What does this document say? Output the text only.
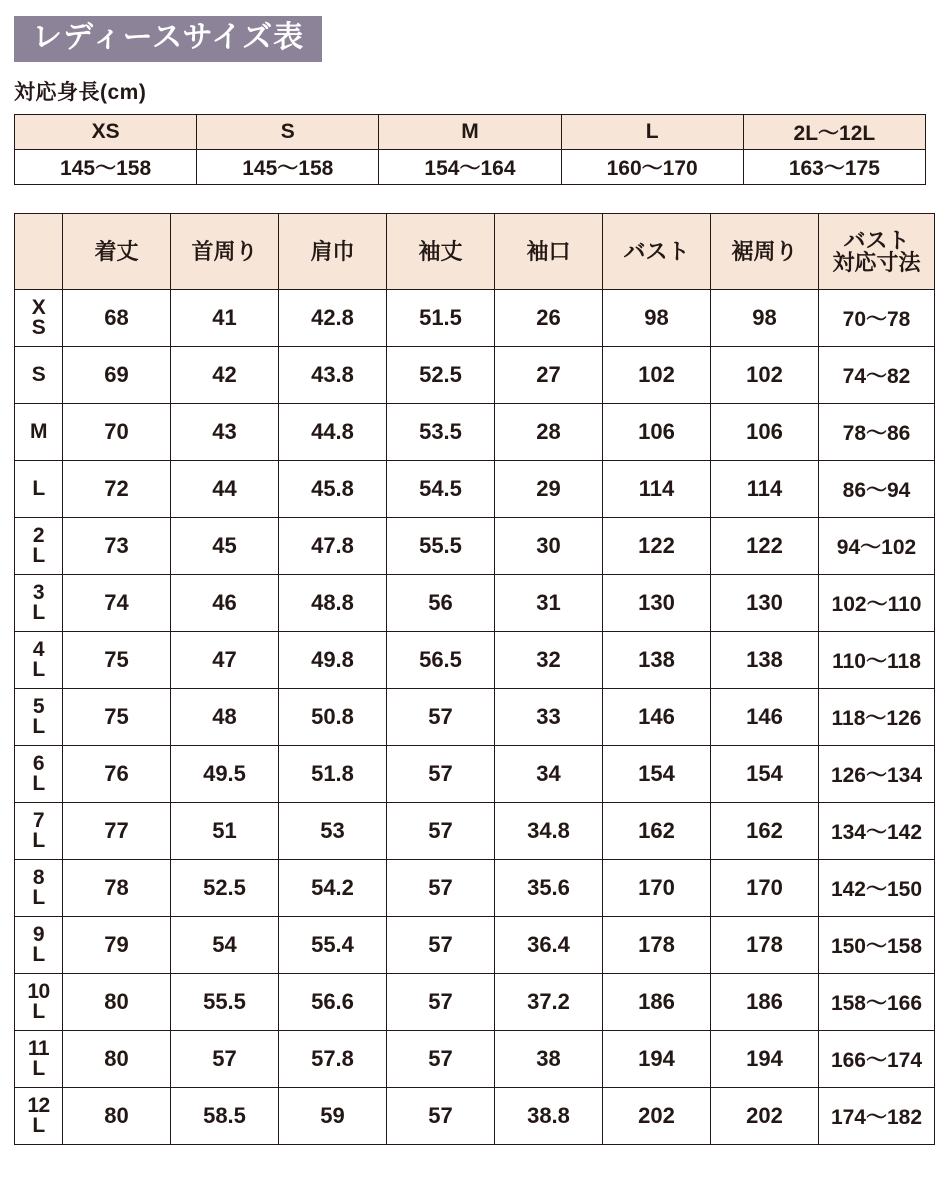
レディースサイズ表
対応身長(cm)
XS	S	M	L	2L〜12L
145〜158	145〜158	154〜164	160〜170	163〜175
	着丈	首周り	肩巾	袖丈	袖口	バスト	裾周り	バスト
対応寸法

X
S	68	41	42.8	51.5	26	98	98	70〜78

S	69	42	43.8	52.5	27	102	102	74〜82

M	70	43	44.8	53.5	28	106	106	78〜86

L	72	44	45.8	54.5	29	114	114	86〜94

2
L	73	45	47.8	55.5	30	122	122	94〜102

3
L	74	46	48.8	56	31	130	130	102〜110

4
L	75	47	49.8	56.5	32	138	138	110〜118

5
L	75	48	50.8	57	33	146	146	118〜126

6
L	76	49.5	51.8	57	34	154	154	126〜134

7
L	77	51	53	57	34.8	162	162	134〜142

8
L	78	52.5	54.2	57	35.6	170	170	142〜150

9
L	79	54	55.4	57	36.4	178	178	150〜158

10
L	80	55.5	56.6	57	37.2	186	186	158〜166

11
L	80	57	57.8	57	38	194	194	166〜174

12
L	80	58.5	59	57	38.8	202	202	174〜182
